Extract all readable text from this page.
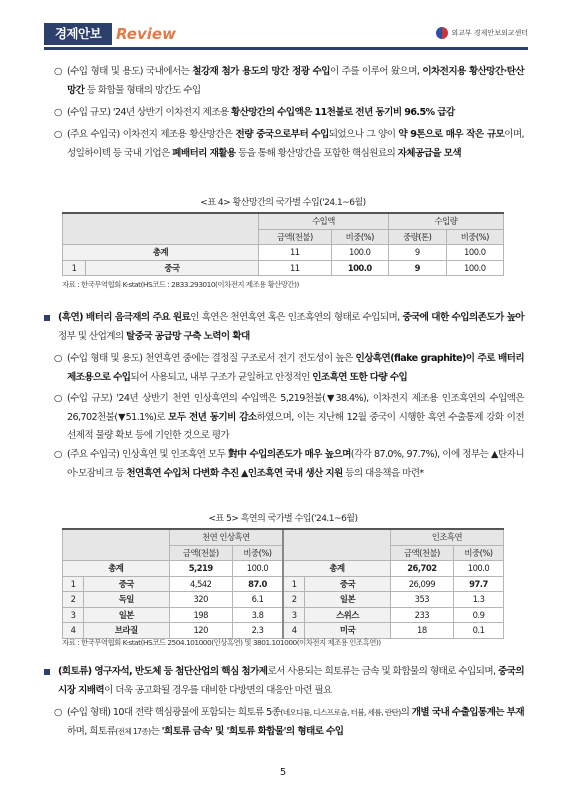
경제안보 Review	외교부 경제안보외교센터
○ (수입 형태 및 용도) 국내에서는 철강재 첨가 용도의 망간 정광 수입이 주를 이루어 왔으며, 이차전지용 황산망간·탄산망간 등 화합물 형태의 망간도 수입
○ (수입 규모) '24년 상반기 이차전지 제조용 황산망간의 수입액은 11천불로 전년 동기비 96.5% 급감
○ (주요 수입국) 이차전지 제조용 황산망간은 전량 중국으로부터 수입되었으나 그 양이 약 9톤으로 매우 작은 규모이며, 성일하이텍 등 국내 기업은 폐배터리 재활용 등을 통해 황산망간을 포함한 핵심원료의 자체공급을 모색
<표 4> 황산망간의 국가별 수입('24.1~6월)
		수입액		수입량	
		금액(천불)	비중(%)	중량(톤)	비중(%)
총계		11	100.0	9	100.0
1	중국	11	100.0	9	100.0
자료 : 한국무역협회 K-stat(HS코드 : 2833.293010(이차전지 제조용 황산망간))
(흑연) 배터리 음극재의 주요 원료인 흑연은 천연흑연 혹은 인조흑연의 형태로 수입되며, 중국에 대한 수입의존도가 높아 정부 및 산업계의 탈중국 공급망 구축 노력이 확대
○ (수입 형태 및 용도) 천연흑연 중에는 결정질 구조로서 전기 전도성이 높은 인상흑연(flake graphite)이 주로 배터리 제조용으로 수입되어 사용되고, 내부 구조가 균일하고 안정적인 인조흑연 또한 다량 수입
○ (수입 규모) '24년 상반기 천연 인상흑연의 수입액은 5,219천불(▼38.4%), 이차전지 제조용 인조흑연의 수입액은 26,702천불(▼51.1%)로 모두 전년 동기비 감소하였으며, 이는 지난해 12월 중국이 시행한 흑연 수출통제 강화 이전 선제적 물량 확보 등에 기인한 것으로 평가
○ (주요 수입국) 인상흑연 및 인조흑연 모두 對中 수입의존도가 매우 높으며(각각 87.0%, 97.7%), 이에 정부는 ▲탄자니아·모잠비크 등 천연흑연 수입처 다변화 추진 ▲인조흑연 국내 생산 지원 등의 대응책을 마련*
<표 5> 흑연의 국가별 수입('24.1~6월)
		천연 인상흑연				인조흑연	
		금액(천불)	비중(%)			금액(천불)	비중(%)
총계		5,219	100.0	총계		26,702	100.0
1	중국	4,542	87.0	1	중국	26,099	97.7
2	독일	320	6.1	2	일본	353	1.3
3	일본	198	3.8	3	스위스	233	0.9
4	브라질	120	2.3	4	미국	18	0.1
자료 : 한국무역협회 K-stat(HS코드 2504.101000(인상흑연) 및 3801.101000(이차전지 제조용 인조흑연))
(희토류) 영구자석, 반도체 등 첨단산업의 핵심 첨가제로서 사용되는 희토류는 금속 및 화합물의 형태로 수입되며, 중국의 시장 지배력이 더욱 공고화될 경우를 대비한 다방면의 대응안 마련 필요
○ (수입 형태) 10대 전략 핵심광물에 포함되는 희토류 5종(네오디뮴, 디스프로슘, 터븀, 세륨, 란탄)의 개별 국내 수출입통계는 부재하며, 희토류(전체 17종)는 '희토류 금속' 및 '희토류 화합물'의 형태로 수입
5
